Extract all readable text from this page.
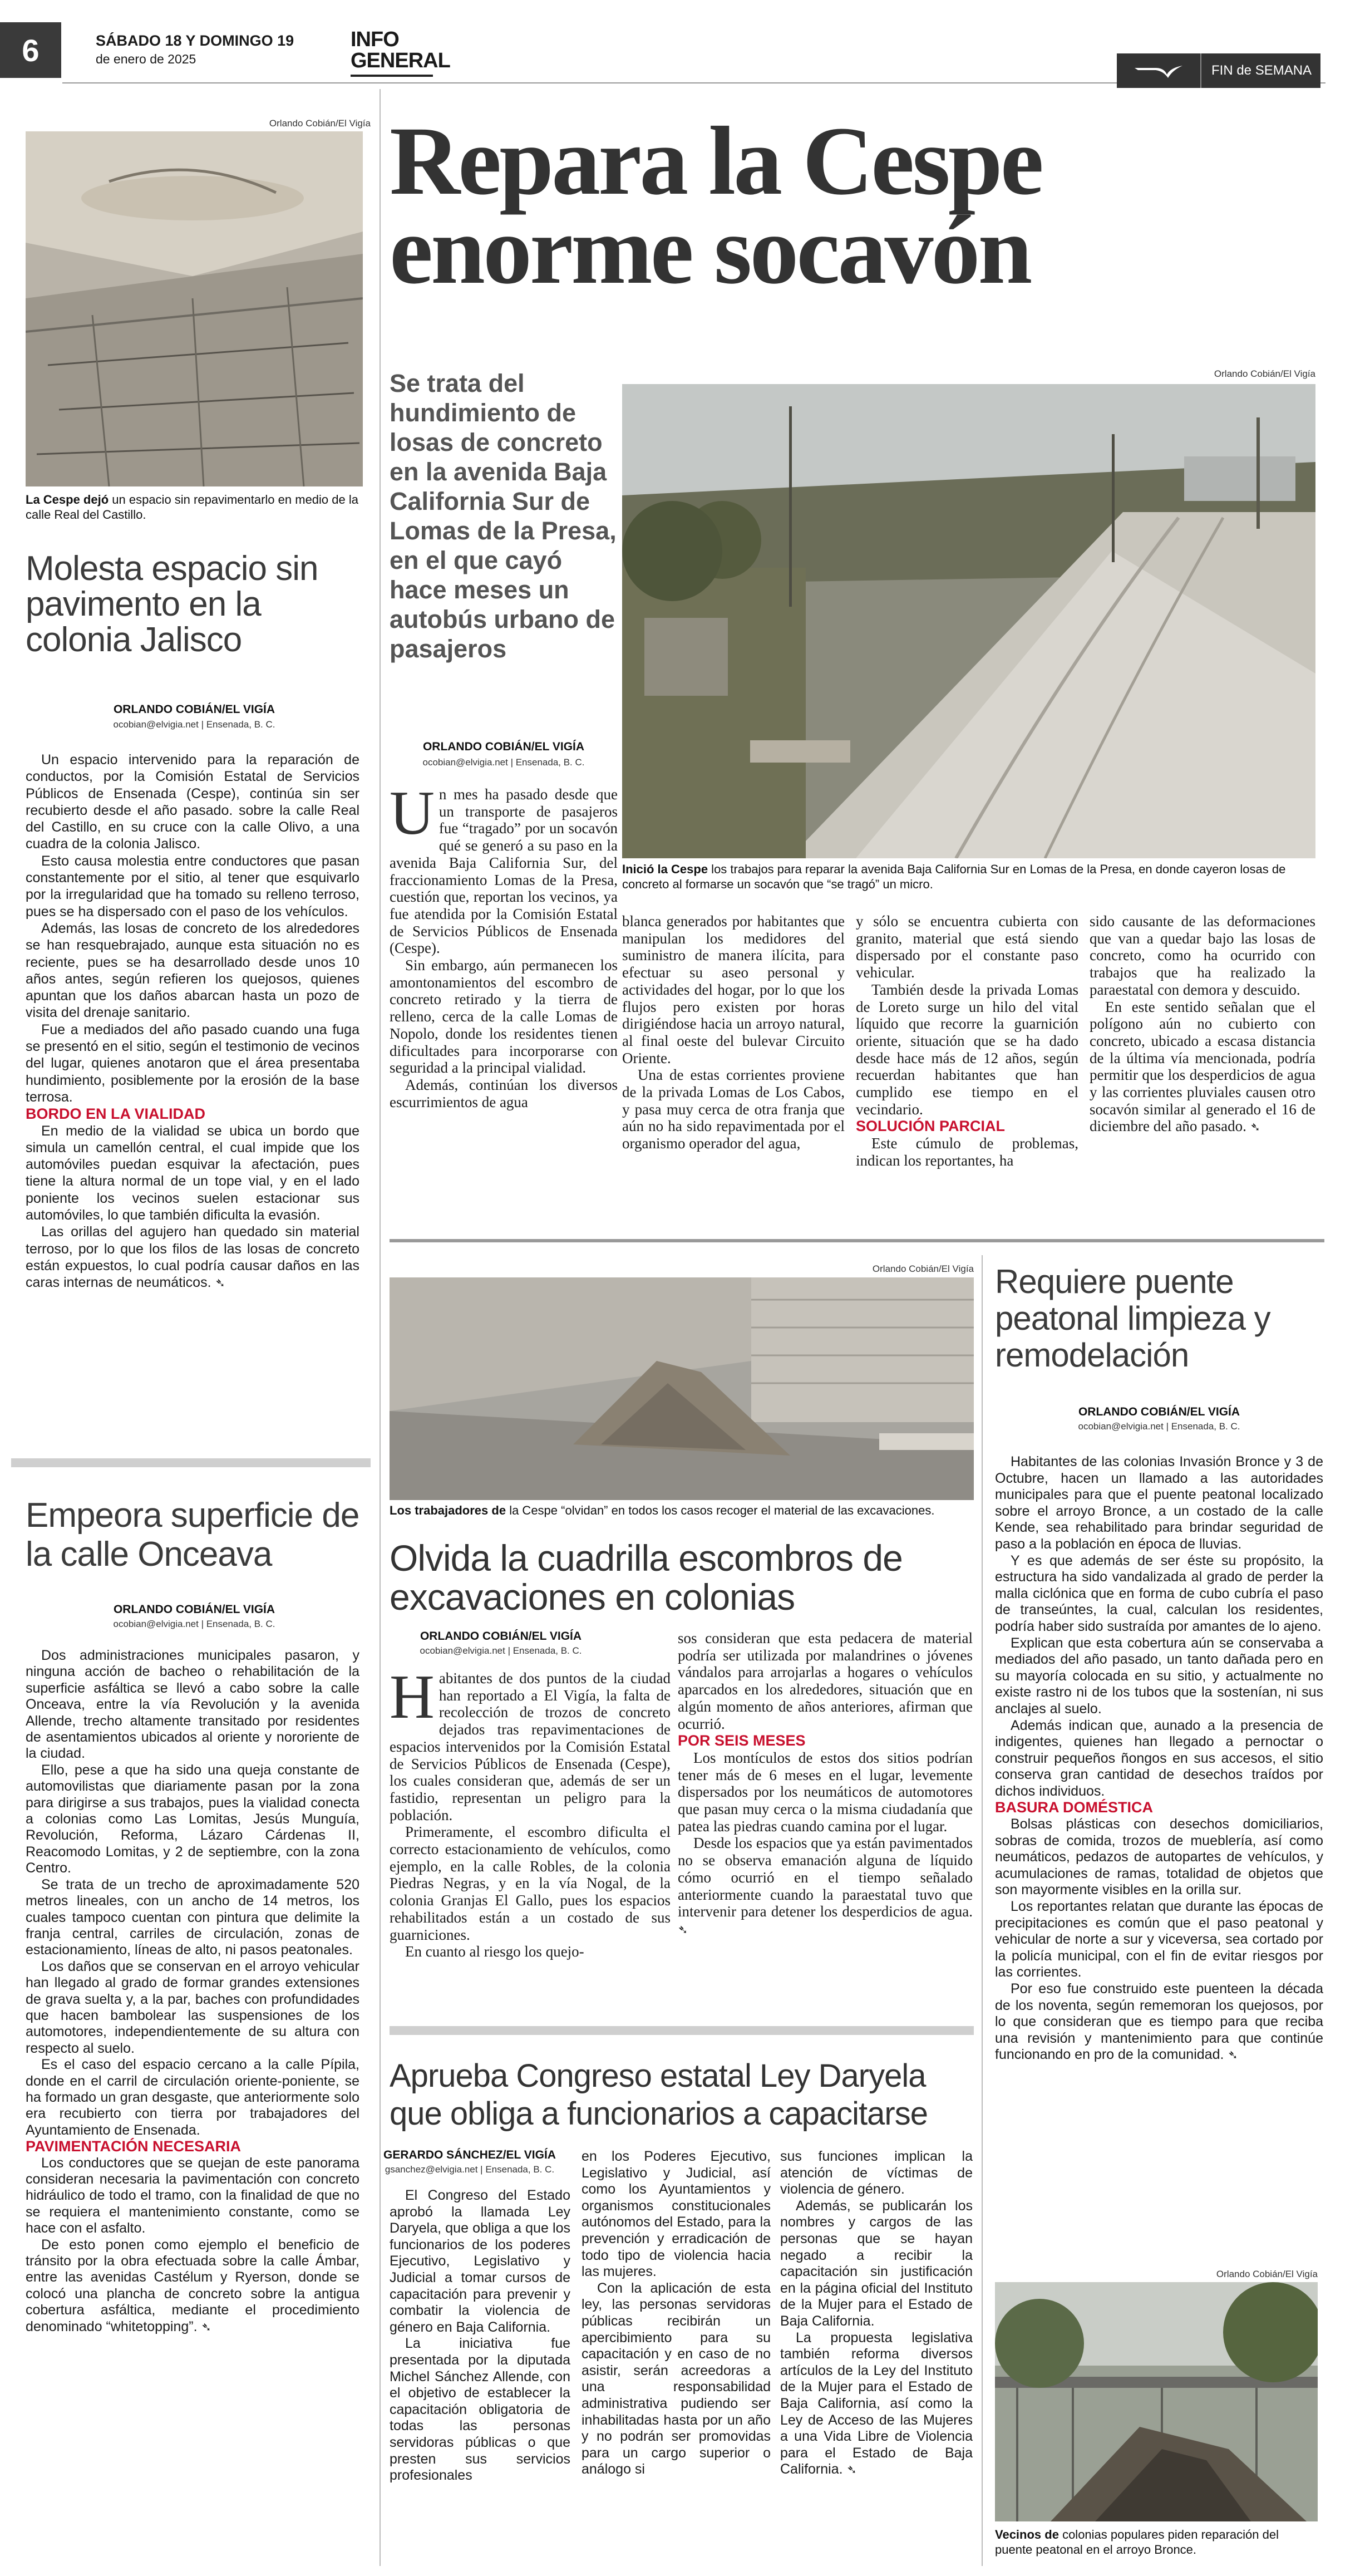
6	SÁBADO 18 Y DOMINGO 19
de enero de 2025
INFO
GENERAL	FIN de SEMANA
Orlando Cobián/El Vigía
La Cespe dejó un espacio sin repavimentarlo en medio de la calle Real del Castillo.
Molesta espacio sin pavimento en la colonia Jalisco
ORLANDO COBIÁN/EL VIGÍA
ocobian@elvigia.net | Ensenada, B. C.

Un espacio intervenido para la reparación de conductos, por la Comisión Estatal de Servicios Públicos de Ensenada (Cespe), continúa sin ser recubierto desde el año pasado. sobre la calle Real del Castillo, en su cruce con la calle Olivo, a una cuadra de la colonia Jalisco.

Esto causa molestia entre conductores que pasan constantemente por el sitio, al tener que esquivarlo por la irregularidad que ha tomado su relleno terroso, pues se ha dispersado con el paso de los vehículos.

Además, las losas de concreto de los alrededores se han resquebrajado, aunque esta situación no es reciente, pues se ha desarrollado desde unos 10 años antes, según refieren los quejosos, quienes apuntan que los daños abarcan hasta un pozo de visita del drenaje sanitario.

Fue a mediados del año pasado cuando una fuga se presentó en el sitio, según el testimonio de vecinos del lugar, quienes anotaron que el área presentaba hundimiento, posiblemente por la erosión de la base terrosa.

BORDO EN LA VIALIDAD

En medio de la vialidad se ubica un bordo que simula un camellón central, el cual impide que los automóviles puedan esquivar la afectación, pues tiene la altura normal de un tope vial, y en el lado poniente los vecinos suelen estacionar sus automóviles, lo que también dificulta la evasión.

Las orillas del agujero han quedado sin material terroso, por lo que los filos de las losas de concreto están expuestos, lo cual podría causar daños en las caras internas de neumáticos. ➴

Empeora superficie de la calle Onceava
ORLANDO COBIÁN/EL VIGÍA
ocobian@elvigia.net | Ensenada, B. C.

Dos administraciones municipales pasaron, y ninguna acción de bacheo o rehabilitación de la superficie asfáltica se llevó a cabo sobre la calle Onceava, entre la vía Revolución y la avenida Allende, trecho altamente transitado por residentes de asentamientos ubicados al oriente y nororiente de la ciudad.

Ello, pese a que ha sido una queja constante de automovilistas que diariamente pasan por la zona para dirigirse a sus trabajos, pues la vialidad conecta a colonias como Las Lomitas, Jesús Munguía, Revolución, Reforma, Lázaro Cárdenas II, Reacomodo Lomitas, y 2 de septiembre, con la zona Centro.

Se trata de un trecho de aproximadamente 520 metros lineales, con un ancho de 14 metros, los cuales tampoco cuentan con pintura que delimite la franja central, carriles de circulación, zonas de estacionamiento, líneas de alto, ni pasos peatonales.

Los daños que se conservan en el arroyo vehicular han llegado al grado de formar grandes extensiones de grava suelta y, a la par, baches con profundidades que hacen bambolear las suspensiones de los automotores, independientemente de su altura con respecto al suelo.

Es el caso del espacio cercano a la calle Pípila, donde en el carril de circulación oriente-poniente, se ha formado un gran desgaste, que anteriormente solo era recubierto con tierra por trabajadores del Ayuntamiento de Ensenada.

PAVIMENTACIÓN NECESARIA

Los conductores que se quejan de este panorama consideran necesaria la pavimentación con concreto hidráulico de todo el tramo, con la finalidad de que no se requiera el mantenimiento constante, como se hace con el asfalto.

De esto ponen como ejemplo el beneficio de tránsito por la obra efectuada sobre la calle Ámbar, entre las avenidas Castélum y Ryerson, donde se colocó una plancha de concreto sobre la antigua cobertura asfáltica, mediante el procedimiento denominado “whitetopping”. ➴

Repara la Cespe
enorme socavón
Se trata del hundimiento de losas de concreto en la avenida Baja California Sur de Lomas de la Presa, en el que cayó hace meses un autobús urbano de pasajeros
ORLANDO COBIÁN/EL VIGÍA
ocobian@elvigia.net | Ensenada, B. C.
Orlando Cobián/El Vigía
Inició la Cespe los trabajos para reparar la avenida Baja California Sur en Lomas de la Presa, en donde cayeron losas de concreto al formarse un socavón que “se tragó” un micro.
U n mes ha pasado desde que un transporte de pasajeros fue “tragado” por un socavón qué se generó a su paso en la avenida Baja California Sur, del fraccionamiento Lomas de la Presa, cuestión que, reportan los vecinos, ya fue atendida por la Comisión Estatal de Servicios Públicos de Ensenada (Cespe).

Sin embargo, aún permanecen los amontonamientos del escombro de concreto retirado y la tierra de relleno, cerca de la calle Lomas de Nopolo, donde los residentes tienen dificultades para incorporarse con seguridad a la principal vialidad.

Además, continúan los diversos escurrimientos de agua

blanca generados por habitantes que manipulan los medidores del suministro de manera ilícita, para efectuar su aseo personal y actividades del hogar, por lo que los flujos pero existen por horas dirigiéndose hacia un arroyo natural, al final oeste del bulevar Circuito Oriente.

Una de estas corrientes proviene de la privada Lomas de Los Cabos, y pasa muy cerca de otra franja que aún no ha sido repavimentada por el organismo operador del agua,

y sólo se encuentra cubierta con granito, material que está siendo dispersado por el constante paso vehicular.

También desde la privada Lomas de Loreto surge un hilo del vital líquido que recorre la guarnición oriente, situación que se ha dado desde hace más de 12 años, según recuerdan habitantes que han cumplido ese tiempo en el vecindario.

SOLUCIÓN PARCIAL

Este cúmulo de problemas, indican los reportantes, ha

sido causante de las deformaciones que van a quedar bajo las losas de concreto, como ha ocurrido con trabajos que ha realizado la paraestatal con demora y descuido.

En este sentido señalan que el polígono aún no cubierto con concreto, ubicado a escasa distancia de la última vía mencionada, podría permitir que los desperdicios de agua y las corrientes pluviales causen otro socavón similar al generado el 16 de diciembre del año pasado. ➴

Orlando Cobián/El Vigía
Los trabajadores de la Cespe “olvidan” en todos los casos recoger el material de las excavaciones.
Olvida la cuadrilla escombros de excavaciones en colonias
ORLANDO COBIÁN/EL VIGÍA
ocobian@elvigia.net | Ensenada, B. C.
H abitantes de dos puntos de la ciudad han reportado a El Vigía, la falta de recolección de trozos de concreto dejados tras repavimentaciones de espacios intervenidos por la Comisión Estatal de Servicios Públicos de Ensenada (Cespe), los cuales consideran que, además de ser un fastidio, representan un peligro para la población.

Primeramente, el escombro dificulta el correcto estacionamiento de vehículos, como ejemplo, en la calle Robles, de la colonia Piedras Negras, y en la vía Nogal, de la colonia Granjas El Gallo, pues los espacios rehabilitados están a un costado de sus guarniciones.

En cuanto al riesgo los quejo-

sos consideran que esta pedacera de material podría ser utilizada por malandrines o jóvenes vándalos para arrojarlas a hogares o vehículos aparcados en los alrededores, situación que en algún momento de años anteriores, afirman que ocurrió.

POR SEIS MESES

Los montículos de estos dos sitios podrían tener más de 6 meses en el lugar, levemente dispersados por los neumáticos de automotores que pasan muy cerca o la misma ciudadanía que patea las piedras cuando camina por el lugar.

Desde los espacios que ya están pavimentados no se observa emanación alguna de líquido cómo ocurrió en el tiempo señalado anteriormente cuando la paraestatal tuvo que intervenir para detener los desperdicios de agua. ➴

Aprueba Congreso estatal Ley Daryela que obliga a funcionarios a capacitarse
GERARDO SÁNCHEZ/EL VIGÍA
gsanchez@elvigia.net | Ensenada, B. C.

El Congreso del Estado aprobó la llamada Ley Daryela, que obliga a que los funcionarios de los poderes Ejecutivo, Legislativo y Judicial a tomar cursos de capacitación para prevenir y combatir la violencia de género en Baja California.

La iniciativa fue presentada por la diputada Michel Sánchez Allende, con el objetivo de establecer la capacitación obligatoria de todas las personas servidoras públicas o que presten sus servicios profesionales

en los Poderes Ejecutivo, Legislativo y Judicial, así como los Ayuntamientos y organismos constitucionales autónomos del Estado, para la prevención y erradicación de todo tipo de violencia hacia las mujeres.

Con la aplicación de esta ley, las personas servidoras públicas recibirán un apercibimiento para su capacitación y en caso de no asistir, serán acreedoras a una responsabilidad administrativa pudiendo ser inhabilitadas hasta por un año y no podrán ser promovidas para un cargo superior o análogo si

sus funciones implican la atención de víctimas de violencia de género.

Además, se publicarán los nombres y cargos de las personas que se hayan negado a recibir la capacitación sin justificación en la página oficial del Instituto de la Mujer para el Estado de Baja California.

La propuesta legislativa también reforma diversos artículos de la Ley del Instituto de la Mujer para el Estado de Baja California, así como la Ley de Acceso de las Mujeres a una Vida Libre de Violencia para el Estado de Baja California. ➴

Requiere puente peatonal limpieza y remodelación
ORLANDO COBIÁN/EL VIGÍA
ocobian@elvigia.net | Ensenada, B. C.

Habitantes de las colonias Invasión Bronce y 3 de Octubre, hacen un llamado a las autoridades municipales para que el puente peatonal localizado sobre el arroyo Bronce, a un costado de la calle Kende, sea rehabilitado para brindar seguridad de paso a la población en época de lluvias.

Y es que además de ser éste su propósito, la estructura ha sido vandalizada al grado de perder la malla ciclónica que en forma de cubo cubría el paso de transeúntes, la cual, calculan los residentes, podría haber sido sustraída por amantes de lo ajeno.

Explican que esta cobertura aún se conservaba a mediados del año pasado, un tanto dañada pero en su mayoría colocada en su sitio, y actualmente no existe rastro ni de los tubos que la sostenían, ni sus anclajes al suelo.

Además indican que, aunado a la presencia de indigentes, quienes han llegado a pernoctar o construir pequeños ñongos en sus accesos, el sitio conserva gran cantidad de desechos traídos por dichos individuos.

BASURA DOMÉSTICA

Bolsas plásticas con desechos domiciliarios, sobras de comida, trozos de mueblería, así como neumáticos, pedazos de autopartes de vehículos, y acumulaciones de ramas, totalidad de objetos que son mayormente visibles en la orilla sur.

Los reportantes relatan que durante las épocas de precipitaciones es común que el paso peatonal y vehicular de norte a sur y viceversa, sea cortado por la policía municipal, con el fin de evitar riesgos por las corrientes.

Por eso fue construido este puenteen la década de los noventa, según rememoran los quejosos, por lo que consideran que es tiempo para que reciba una revisión y mantenimiento para que continúe funcionando en pro de la comunidad. ➴

Orlando Cobián/El Vigía
Vecinos de colonias populares piden reparación del puente peatonal en el arroyo Bronce.
